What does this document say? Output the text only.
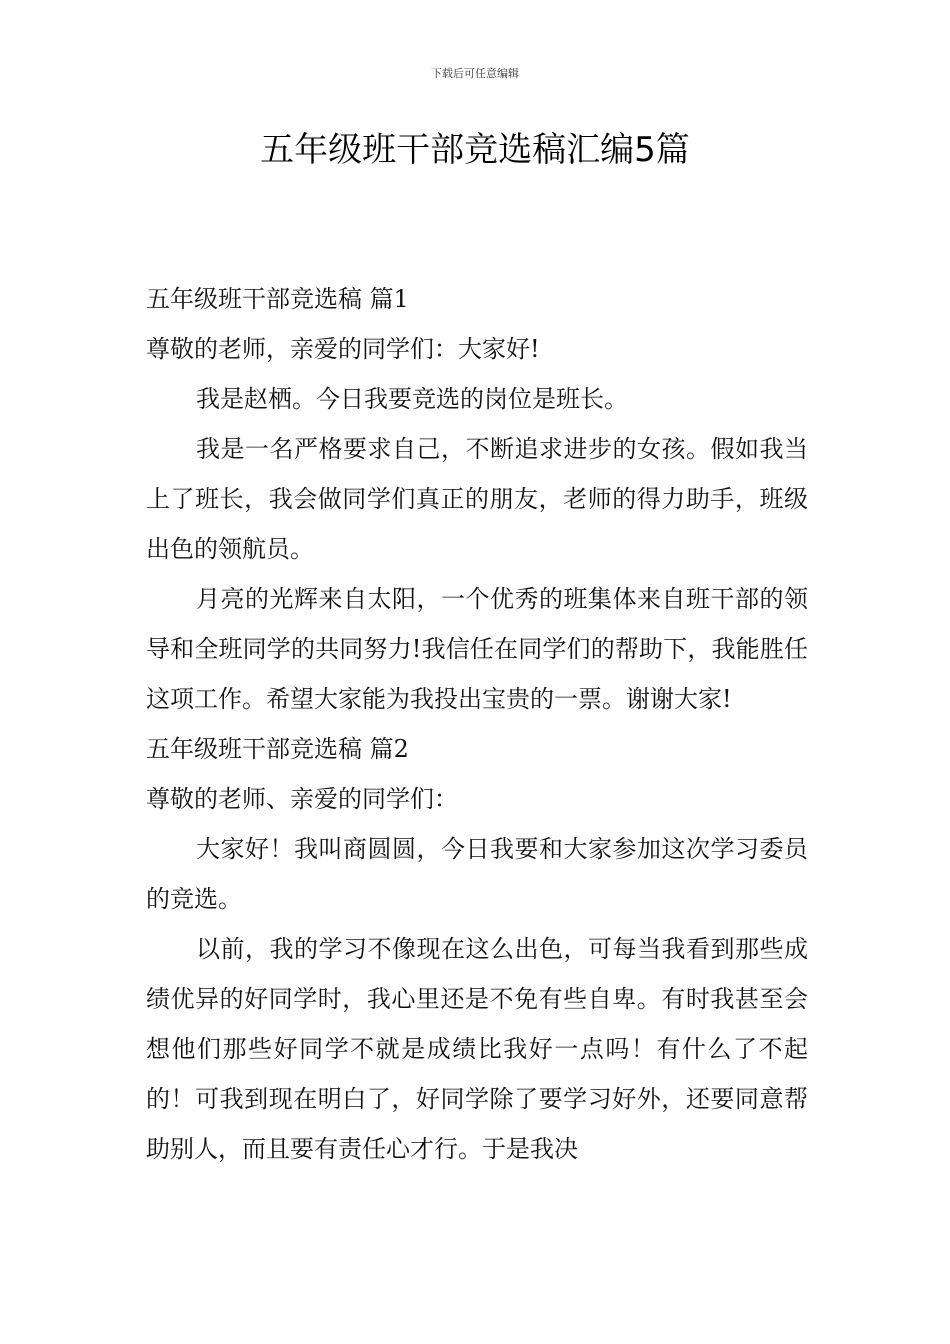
下载后可任意编辑
五年级班干部竞选稿汇编5篇

五年级班干部竞选稿 篇1

尊敬的老师，亲爱的同学们：大家好!

我是赵栖。今日我要竞选的岗位是班长。

我是一名严格要求自己，不断追求进步的女孩。假如我当上了班长，我会做同学们真正的朋友，老师的得力助手，班级出色的领航员。

月亮的光辉来自太阳，一个优秀的班集体来自班干部的领导和全班同学的共同努力!我信任在同学们的帮助下，我能胜任这项工作。希望大家能为我投出宝贵的一票。谢谢大家!

五年级班干部竞选稿 篇2

尊敬的老师、亲爱的同学们：

大家好！我叫商圆圆，今日我要和大家参加这次学习委员的竞选。

以前，我的学习不像现在这么出色，可每当我看到那些成绩优异的好同学时，我心里还是不免有些自卑。有时我甚至会想他们那些好同学不就是成绩比我好一点吗！有什么了不起的！可我到现在明白了，好同学除了要学习好外，还要同意帮助别人，而且要有责任心才行。于是我决
